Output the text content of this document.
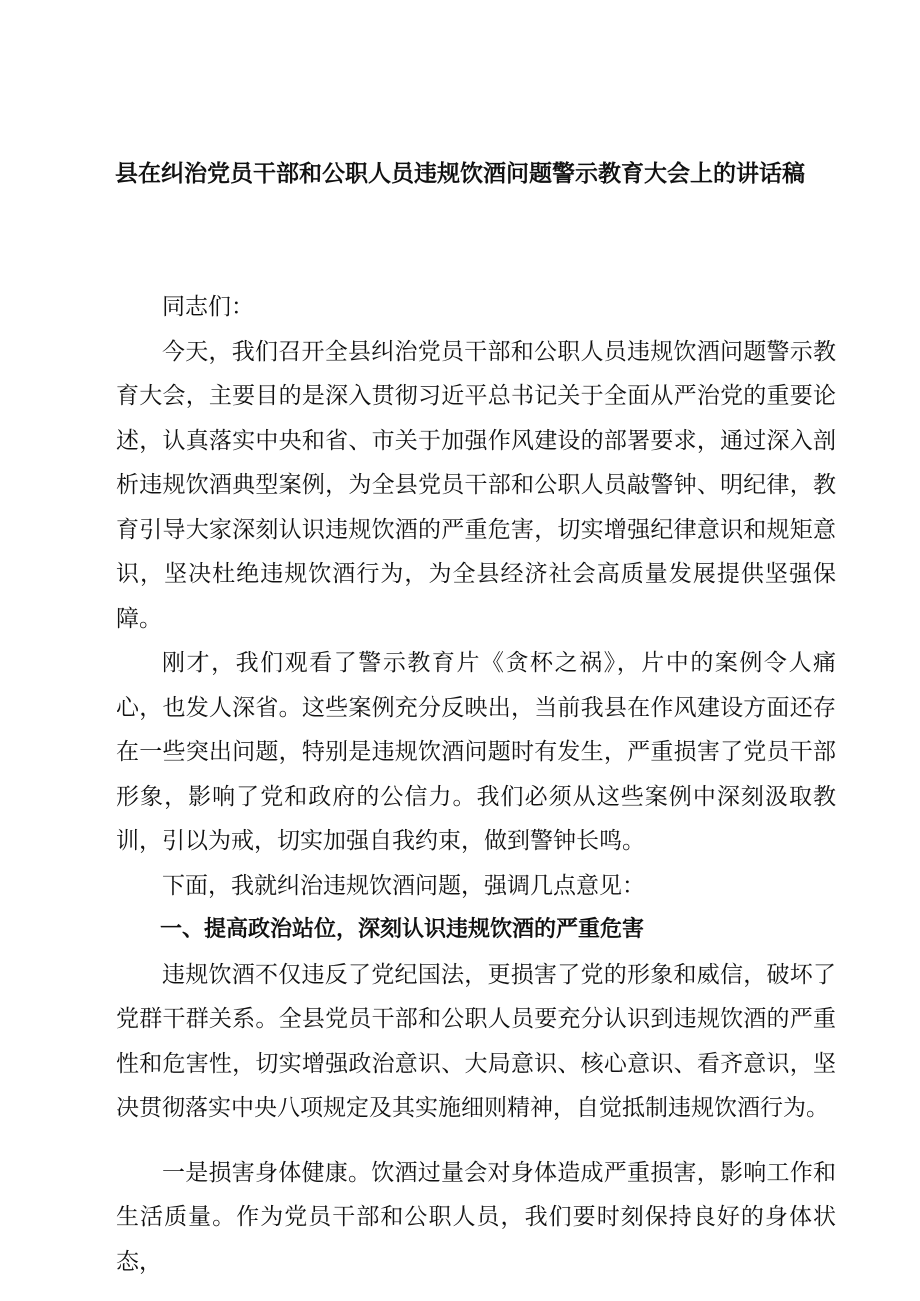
县在纠治党员干部和公职人员违规饮酒问题警示教育大会上的讲话稿

同志们：

今天，我们召开全县纠治党员干部和公职人员违规饮酒问题警示教育大会，主要目的是深入贯彻习近平总书记关于全面从严治党的重要论述，认真落实中央和省、市关于加强作风建设的部署要求，通过深入剖析违规饮酒典型案例，为全县党员干部和公职人员敲警钟、明纪律，教育引导大家深刻认识违规饮酒的严重危害，切实增强纪律意识和规矩意识，坚决杜绝违规饮酒行为，为全县经济社会高质量发展提供坚强保障。

刚才，我们观看了警示教育片《贪杯之祸》，片中的案例令人痛心，也发人深省。这些案例充分反映出，当前我县在作风建设方面还存在一些突出问题，特别是违规饮酒问题时有发生，严重损害了党员干部形象，影响了党和政府的公信力。我们必须从这些案例中深刻汲取教训，引以为戒，切实加强自我约束，做到警钟长鸣。

下面，我就纠治违规饮酒问题，强调几点意见：

一、提高政治站位，深刻认识违规饮酒的严重危害

违规饮酒不仅违反了党纪国法，更损害了党的形象和威信，破坏了党群干群关系。全县党员干部和公职人员要充分认识到违规饮酒的严重性和危害性，切实增强政治意识、大局意识、核心意识、看齐意识，坚决贯彻落实中央八项规定及其实施细则精神，自觉抵制违规饮酒行为。

一是损害身体健康。饮酒过量会对身体造成严重损害，影响工作和生活质量。作为党员干部和公职人员，我们要时刻保持良好的身体状态，
